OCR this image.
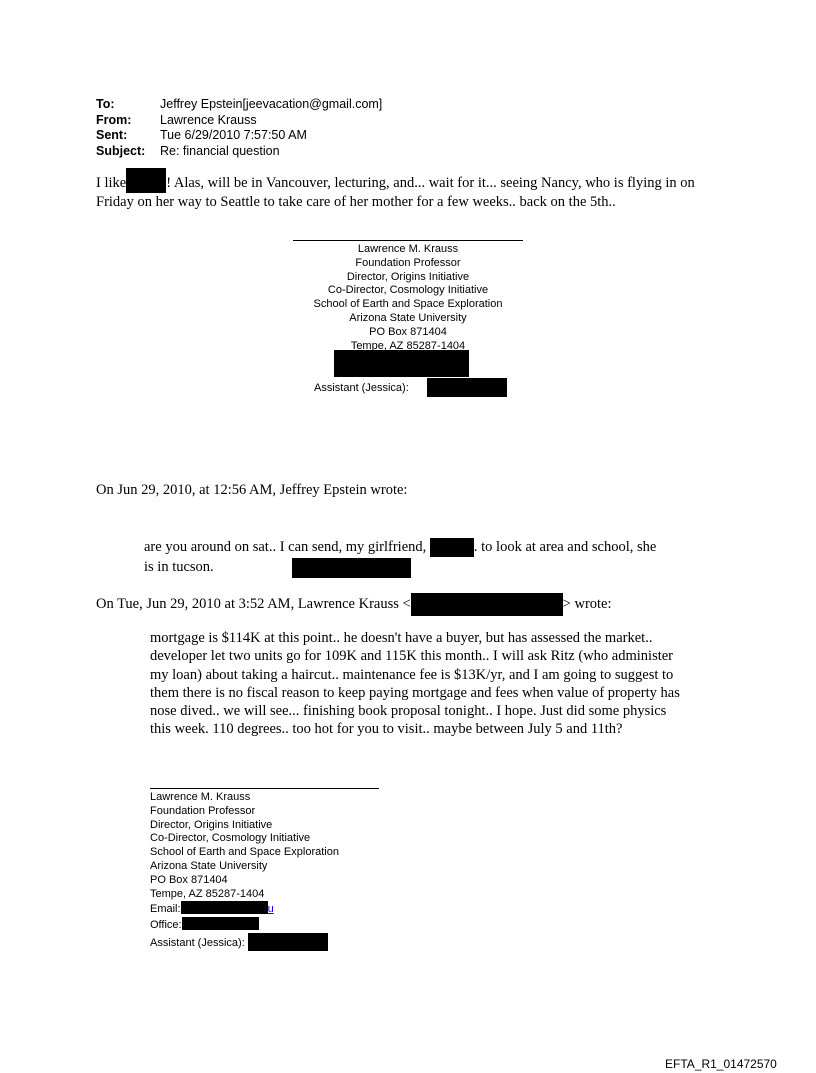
To:	Jeffrey Epstein[jeevacation@gmail.com]
From:	Lawrence Krauss
Sent:	Tue 6/29/2010 7:57:50 AM
Subject:	Re: financial question
I like	! Alas, will be in Vancouver, lecturing, and... wait for it... seeing Nancy, who is flying in on Friday on her way to Seattle to take care of her mother for a few weeks.. back on the 5th..
Lawrence M. Krauss
Foundation Professor
Director, Origins Initiative
Co-Director, Cosmology Initiative
School of Earth and Space Exploration
Arizona State University
PO Box 871404
Tempe, AZ 85287-1404
Assistant (Jessica):
On Jun 29, 2010, at 12:56 AM, Jeffrey Epstein wrote:
are you around on sat.. I can send, my girlfriend,	. to look at area and school, she is in tucson.
On Tue, Jun 29, 2010 at 3:52 AM, Lawrence Krauss <	> wrote:
mortgage is $114K at this point.. he doesn't have a buyer, but has assessed the market.. developer let two units go for 109K and 115K this month.. I will ask Ritz (who administer my loan) about taking a haircut.. maintenance fee is $13K/yr, and I am going to suggest to them there is no fiscal reason to keep paying mortgage and fees when value of property has nose dived.. we will see... finishing book proposal tonight.. I hope. Just did some physics this week. 110 degrees.. too hot for you to visit.. maybe between July 5 and 11th?
Lawrence M. Krauss
Foundation Professor
Director, Origins Initiative
Co-Director, Cosmology Initiative
School of Earth and Space Exploration
Arizona State University
PO Box 871404
Tempe, AZ 85287-1404
Email:	u
Office:
Assistant (Jessica):
EFTA_R1_01472570
